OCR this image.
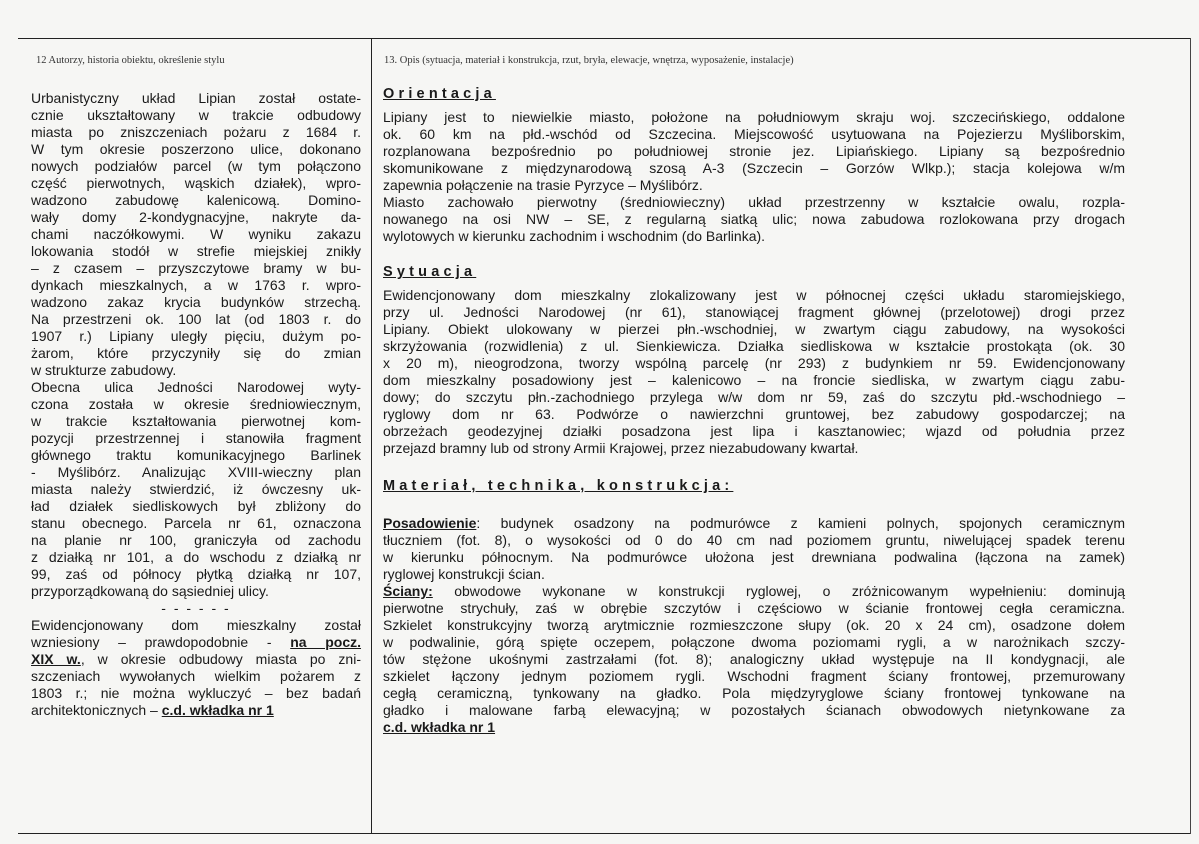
12 Autorzy, historia obiektu, określenie stylu	13. Opis (sytuacja, materiał i konstrukcja, rzut, bryła, elewacje, wnętrza, wyposażenie, instalacje)
Urbanistyczny układ Lipian został ostate-
cznie ukształtowany w trakcie odbudowy
miasta po zniszczeniach pożaru z 1684 r.
W tym okresie poszerzono ulice, dokonano
nowych podziałów parcel (w tym połączono
część pierwotnych, wąskich działek), wpro-
wadzono zabudowę kalenicową. Domino-
wały domy 2-kondygnacyjne, nakryte da-
chami naczółkowymi. W wyniku zakazu
lokowania stodół w strefie miejskiej znikły
– z czasem – przyszczytowe bramy w bu-
dynkach mieszkalnych, a w 1763 r. wpro-
wadzono zakaz krycia budynków strzechą.
Na przestrzeni ok. 100 lat (od 1803 r. do
1907 r.) Lipiany uległy pięciu, dużym po-
żarom, które przyczyniły się do zmian
w strukturze zabudowy.
Obecna ulica Jedności Narodowej wyty-
czona została w okresie średniowiecznym,
w trakcie kształtowania pierwotnej kom-
pozycji przestrzennej i stanowiła fragment
głównego traktu komunikacyjnego Barlinek
- Myślibórz. Analizując XVIII-wieczny plan
miasta należy stwierdzić, iż ówczesny uk-
ład działek siedliskowych był zbliżony do
stanu obecnego. Parcela nr 61, oznaczona
na planie nr 100, graniczyła od zachodu
z działką nr 101, a do wschodu z działką nr
99, zaś od północy płytką działką nr 107,
przyporządkowaną do sąsiedniej ulicy.
- - - - - -
Ewidencjonowany dom mieszkalny został
wzniesiony – prawdopodobnie - na pocz.
XIX w., w okresie odbudowy miasta po zni-
szczeniach wywołanych wielkim pożarem z
1803 r.; nie można wykluczyć – bez badań
architektonicznych – c.d. wkładka nr 1
Orientacja
Lipiany jest to niewielkie miasto, położone na południowym skraju woj. szczecińskiego, oddalone
ok. 60 km na płd.-wschód od Szczecina. Miejscowość usytuowana na Pojezierzu Myśliborskim,
rozplanowana bezpośrednio po południowej stronie jez. Lipiańskiego. Lipiany są bezpośrednio
skomunikowane z międzynarodową szosą A-3 (Szczecin – Gorzów Wlkp.); stacja kolejowa w/m
zapewnia połączenie na trasie Pyrzyce – Myślibórz.
Miasto zachowało pierwotny (średniowieczny) układ przestrzenny w kształcie owalu, rozpla-
nowanego na osi NW – SE, z regularną siatką ulic; nowa zabudowa rozlokowana przy drogach
wylotowych w kierunku zachodnim i wschodnim (do Barlinka).
Sytuacja
Ewidencjonowany dom mieszkalny zlokalizowany jest w północnej części układu staromiejskiego,
przy ul. Jedności Narodowej (nr 61), stanowiącej fragment głównej (przelotowej) drogi przez
Lipiany. Obiekt ulokowany w pierzei płn.-wschodniej, w zwartym ciągu zabudowy, na wysokości
skrzyżowania (rozwidlenia) z ul. Sienkiewicza. Działka siedliskowa w kształcie prostokąta (ok. 30
x 20 m), nieogrodzona, tworzy wspólną parcelę (nr 293) z budynkiem nr 59. Ewidencjonowany
dom mieszkalny posadowiony jest – kalenicowo – na froncie siedliska, w zwartym ciągu zabu-
dowy; do szczytu płn.-zachodniego przylega w/w dom nr 59, zaś do szczytu płd.-wschodniego –
ryglowy dom nr 63. Podwórze o nawierzchni gruntowej, bez zabudowy gospodarczej; na
obrzeżach geodezyjnej działki posadzona jest lipa i kasztanowiec; wjazd od południa przez
przejazd bramny lub od strony Armii Krajowej, przez niezabudowany kwartał.
Materiał, technika, konstrukcja:
Posadowienie: budynek osadzony na podmurówce z kamieni polnych, spojonych ceramicznym
tłuczniem (fot. 8), o wysokości od 0 do 40 cm nad poziomem gruntu, niwelującej spadek terenu
w kierunku północnym. Na podmurówce ułożona jest drewniana podwalina (łączona na zamek)
ryglowej konstrukcji ścian.
Ściany: obwodowe wykonane w konstrukcji ryglowej, o zróżnicowanym wypełnieniu: dominują
pierwotne strychuły, zaś w obrębie szczytów i częściowo w ścianie frontowej cegła ceramiczna.
Szkielet konstrukcyjny tworzą arytmicznie rozmieszczone słupy (ok. 20 x 24 cm), osadzone dołem
w podwalinie, górą spięte oczepem, połączone dwoma poziomami rygli, a w narożnikach szczy-
tów stężone ukośnymi zastrzałami (fot. 8); analogiczny układ występuje na II kondygnacji, ale
szkielet łączony jednym poziomem rygli. Wschodni fragment ściany frontowej, przemurowany
cegłą ceramiczną, tynkowany na gładko. Pola międzyryglowe ściany frontowej tynkowane na
gładko i malowane farbą elewacyjną; w pozostałych ścianach obwodowych nietynkowane za
c.d. wkładka nr 1
